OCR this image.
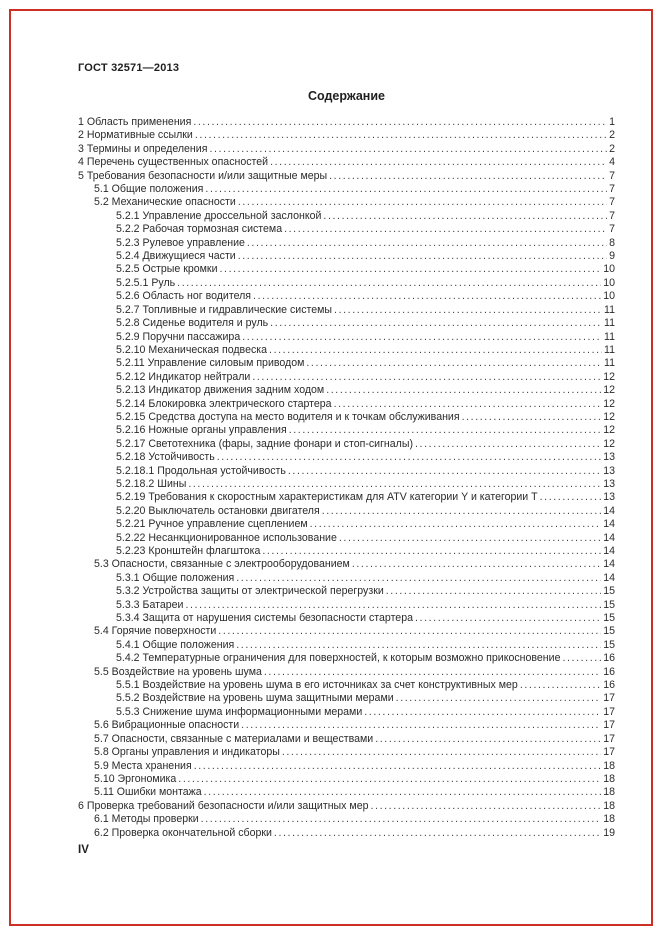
ГОСТ 32571—2013
Содержание
1 Область применения .....	1
2 Нормативные ссылки .....	2
3 Термины и определения .....	2
4 Перечень существенных опасностей .....	4
5 Требования безопасности и/или защитные меры .....	7
5.1 Общие положения .....	7
5.2 Механические опасности .....	7
5.2.1 Управление дроссельной заслонкой .....	7
5.2.2 Рабочая тормозная система .....	7
5.2.3 Рулевое управление .....	8
5.2.4 Движущиеся части .....	9
5.2.5 Острые кромки .....	10
5.2.5.1 Руль .....	10
5.2.6 Область ног водителя .....	10
5.2.7 Топливные и гидравлические системы .....	11
5.2.8 Сиденье водителя и руль .....	11
5.2.9 Поручни пассажира .....	11
5.2.10 Механическая подвеска .....	11
5.2.11 Управление силовым приводом .....	11
5.2.12 Индикатор нейтрали .....	12
5.2.13 Индикатор движения задним ходом .....	12
5.2.14 Блокировка электрического стартера .....	12
5.2.15 Средства доступа на место водителя и к точкам обслуживания .....	12
5.2.16 Ножные органы управления .....	12
5.2.17 Светотехника (фары, задние фонари и стоп-сигналы) .....	12
5.2.18 Устойчивость .....	13
5.2.18.1 Продольная устойчивость .....	13
5.2.18.2 Шины .....	13
5.2.19 Требования к скоростным характеристикам для ATV категории Y и категории Т .....	13
5.2.20 Выключатель остановки двигателя .....	14
5.2.21 Ручное управление сцеплением .....	14
5.2.22 Несанкционированное использование .....	14
5.2.23 Кронштейн флагштока .....	14
5.3 Опасности, связанные с электрооборудованием .....	14
5.3.1 Общие положения .....	14
5.3.2 Устройства защиты от электрической перегрузки .....	15
5.3.3 Батареи .....	15
5.3.4 Защита от нарушения системы безопасности стартера .....	15
5.4 Горячие поверхности .....	15
5.4.1 Общие положения .....	15
5.4.2 Температурные ограничения для поверхностей, к которым возможно прикосновение .....	16
5.5 Воздействие на уровень шума .....	16
5.5.1 Воздействие на уровень шума в его источниках за счет конструктивных мер .....	16
5.5.2 Воздействие на уровень шума защитными мерами .....	17
5.5.3 Снижение шума информационными мерами .....	17
5.6 Вибрационные опасности .....	17
5.7 Опасности, связанные с материалами и веществами .....	17
5.8 Органы управления и индикаторы .....	17
5.9 Места хранения .....	18
5.10 Эргономика .....	18
5.11 Ошибки монтажа .....	18
6 Проверка требований безопасности и/или защитных мер .....	18
6.1 Методы проверки .....	18
6.2 Проверка окончательной сборки .....	19
IV
